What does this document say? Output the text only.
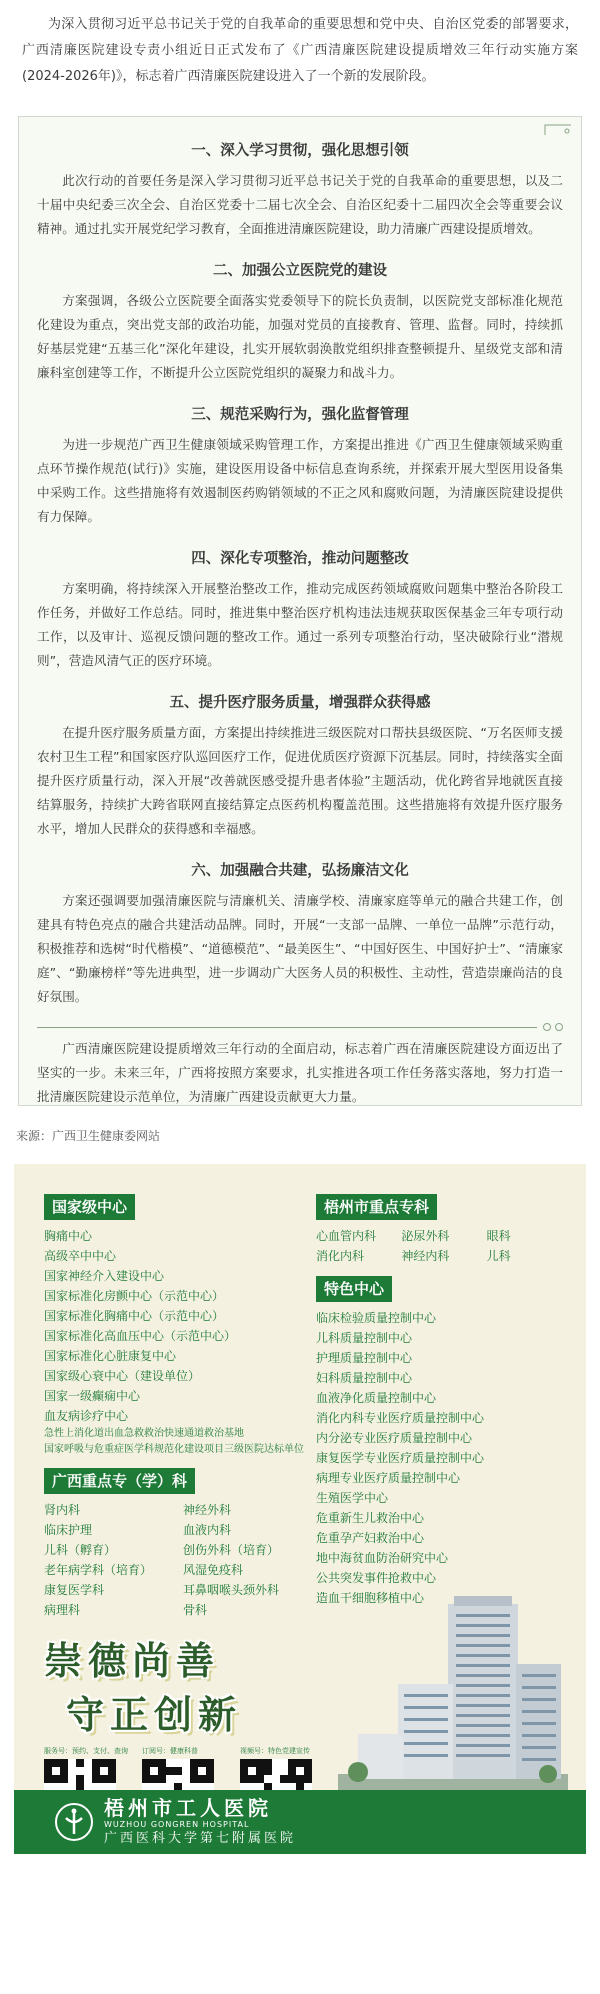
为深入贯彻习近平总书记关于党的自我革命的重要思想和党中央、自治区党委的部署要求，广西清廉医院建设专责小组近日正式发布了《广西清廉医院建设提质增效三年行动实施方案(2024-2026年)》，标志着广西清廉医院建设进入了一个新的发展阶段。
一、深入学习贯彻，强化思想引领

此次行动的首要任务是深入学习贯彻习近平总书记关于党的自我革命的重要思想，以及二十届中央纪委三次全会、自治区党委十二届七次全会、自治区纪委十二届四次全会等重要会议精神。通过扎实开展党纪学习教育，全面推进清廉医院建设，助力清廉广西建设提质增效。

二、加强公立医院党的建设

方案强调，各级公立医院要全面落实党委领导下的院长负责制，以医院党支部标准化规范化建设为重点，突出党支部的政治功能，加强对党员的直接教育、管理、监督。同时，持续抓好基层党建“五基三化”深化年建设，扎实开展软弱涣散党组织排查整顿提升、星级党支部和清廉科室创建等工作，不断提升公立医院党组织的凝聚力和战斗力。

三、规范采购行为，强化监督管理

为进一步规范广西卫生健康领域采购管理工作，方案提出推进《广西卫生健康领域采购重点环节操作规范(试行)》实施，建设医用设备中标信息查询系统，并探索开展大型医用设备集中采购工作。这些措施将有效遏制医药购销领域的不正之风和腐败问题，为清廉医院建设提供有力保障。

四、深化专项整治，推动问题整改

方案明确，将持续深入开展整治整改工作，推动完成医药领域腐败问题集中整治各阶段工作任务，并做好工作总结。同时，推进集中整治医疗机构违法违规获取医保基金三年专项行动工作，以及审计、巡视反馈问题的整改工作。通过一系列专项整治行动，坚决破除行业“潜规则”，营造风清气正的医疗环境。

五、提升医疗服务质量，增强群众获得感

在提升医疗服务质量方面，方案提出持续推进三级医院对口帮扶县级医院、“万名医师支援农村卫生工程”和国家医疗队巡回医疗工作，促进优质医疗资源下沉基层。同时，持续落实全面提升医疗质量行动，深入开展“改善就医感受提升患者体验”主题活动，优化跨省异地就医直接结算服务，持续扩大跨省联网直接结算定点医药机构覆盖范围。这些措施将有效提升医疗服务水平，增加人民群众的获得感和幸福感。

六、加强融合共建，弘扬廉洁文化

方案还强调要加强清廉医院与清廉机关、清廉学校、清廉家庭等单元的融合共建工作，创建具有特色亮点的融合共建活动品牌。同时，开展“一支部一品牌、一单位一品牌”示范行动，积极推荐和选树“时代楷模”、“道德模范”、“最美医生”、“中国好医生、中国好护士”、“清廉家庭”、“勤廉榜样”等先进典型，进一步调动广大医务人员的积极性、主动性，营造崇廉尚洁的良好氛围。

广西清廉医院建设提质增效三年行动的全面启动，标志着广西在清廉医院建设方面迈出了坚实的一步。未来三年，广西将按照方案要求，扎实推进各项工作任务落实落地，努力打造一批清廉医院建设示范单位，为清廉广西建设贡献更大力量。

来源：广西卫生健康委网站
国家级中心
胸痛中心
高级卒中中心
国家神经介入建设中心
国家标准化房颤中心（示范中心）
国家标准化胸痛中心（示范中心）
国家标准化高血压中心（示范中心）
国家标准化心脏康复中心
国家级心衰中心（建设单位）
国家一级癫痫中心
血友病诊疗中心
急性上消化道出血急救救治快速通道救治基地
国家呼吸与危重症医学科规范化建设项目三级医院达标单位
广西重点专（学）科
肾内科	神经外科
临床护理	血液内科
儿科（孵育）	创伤外科（培育）
老年病学科（培育）	风湿免疫科
康复医学科	耳鼻咽喉头颈外科
病理科	骨科
梧州市重点专科
心血管内科	泌尿外科	眼科
消化内科	神经内科	儿科
特色中心
临床检验质量控制中心
儿科质量控制中心
护理质量控制中心
妇科质量控制中心
血液净化质量控制中心
消化内科专业医疗质量控制中心
内分泌专业医疗质量控制中心
康复医学专业医疗质量控制中心
病理专业医疗质量控制中心
生殖医学中心
危重新生儿救治中心
危重孕产妇救治中心
地中海贫血防治研究中心
公共突发事件抢救中心
造血干细胞移植中心
崇德尚善
守正创新
服务号：预约、支付、查询 订阅号：健康科普	视频号：特色党建宣传
梧州市工人医院
WUZHOU GONGREN HOSPITAL
广西医科大学第七附属医院
